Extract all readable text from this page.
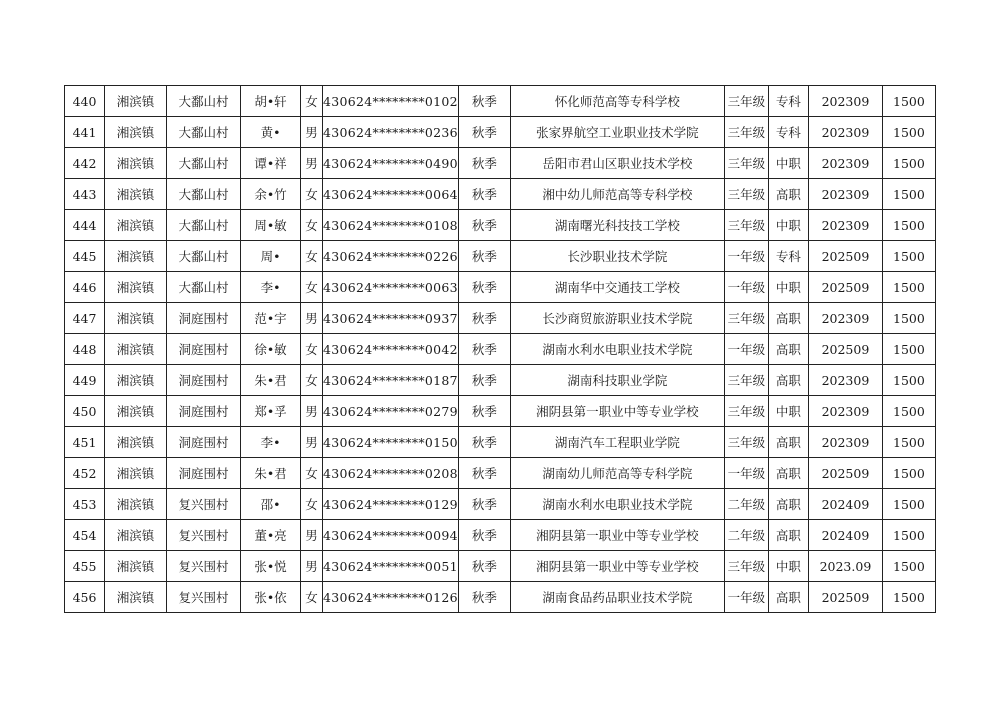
440	湘滨镇	大鄱山村	胡•轩	女	430624********0102	秋季	怀化师范高等专科学校	三年级	专科	202309	1500
441	湘滨镇	大鄱山村	黄•	男	430624********0236	秋季	张家界航空工业职业技术学院	三年级	专科	202309	1500
442	湘滨镇	大鄱山村	谭•祥	男	430624********0490	秋季	岳阳市君山区职业技术学校	三年级	中职	202309	1500
443	湘滨镇	大鄱山村	余•竹	女	430624********0064	秋季	湘中幼儿师范高等专科学校	三年级	高职	202309	1500
444	湘滨镇	大鄱山村	周•敏	女	430624********0108	秋季	湖南曙光科技技工学校	三年级	中职	202309	1500
445	湘滨镇	大鄱山村	周•	女	430624********0226	秋季	长沙职业技术学院	一年级	专科	202509	1500
446	湘滨镇	大鄱山村	李•	女	430624********0063	秋季	湖南华中交通技工学校	一年级	中职	202509	1500
447	湘滨镇	洞庭围村	范•宇	男	430624********0937	秋季	长沙商贸旅游职业技术学院	三年级	高职	202309	1500
448	湘滨镇	洞庭围村	徐•敏	女	430624********0042	秋季	湖南水利水电职业技术学院	一年级	高职	202509	1500
449	湘滨镇	洞庭围村	朱•君	女	430624********0187	秋季	湖南科技职业学院	三年级	高职	202309	1500
450	湘滨镇	洞庭围村	郑•孚	男	430624********0279	秋季	湘阴县第一职业中等专业学校	三年级	中职	202309	1500
451	湘滨镇	洞庭围村	李•	男	430624********0150	秋季	湖南汽车工程职业学院	三年级	高职	202309	1500
452	湘滨镇	洞庭围村	朱•君	女	430624********0208	秋季	湖南幼儿师范高等专科学院	一年级	高职	202509	1500
453	湘滨镇	复兴围村	邵•	女	430624********0129	秋季	湖南水利水电职业技术学院	二年级	高职	202409	1500
454	湘滨镇	复兴围村	董•亮	男	430624********0094	秋季	湘阴县第一职业中等专业学校	二年级	高职	202409	1500
455	湘滨镇	复兴围村	张•悦	男	430624********0051	秋季	湘阴县第一职业中等专业学校	三年级	中职	2023.09	1500
456	湘滨镇	复兴围村	张•依	女	430624********0126	秋季	湖南食品药品职业技术学院	一年级	高职	202509	1500
